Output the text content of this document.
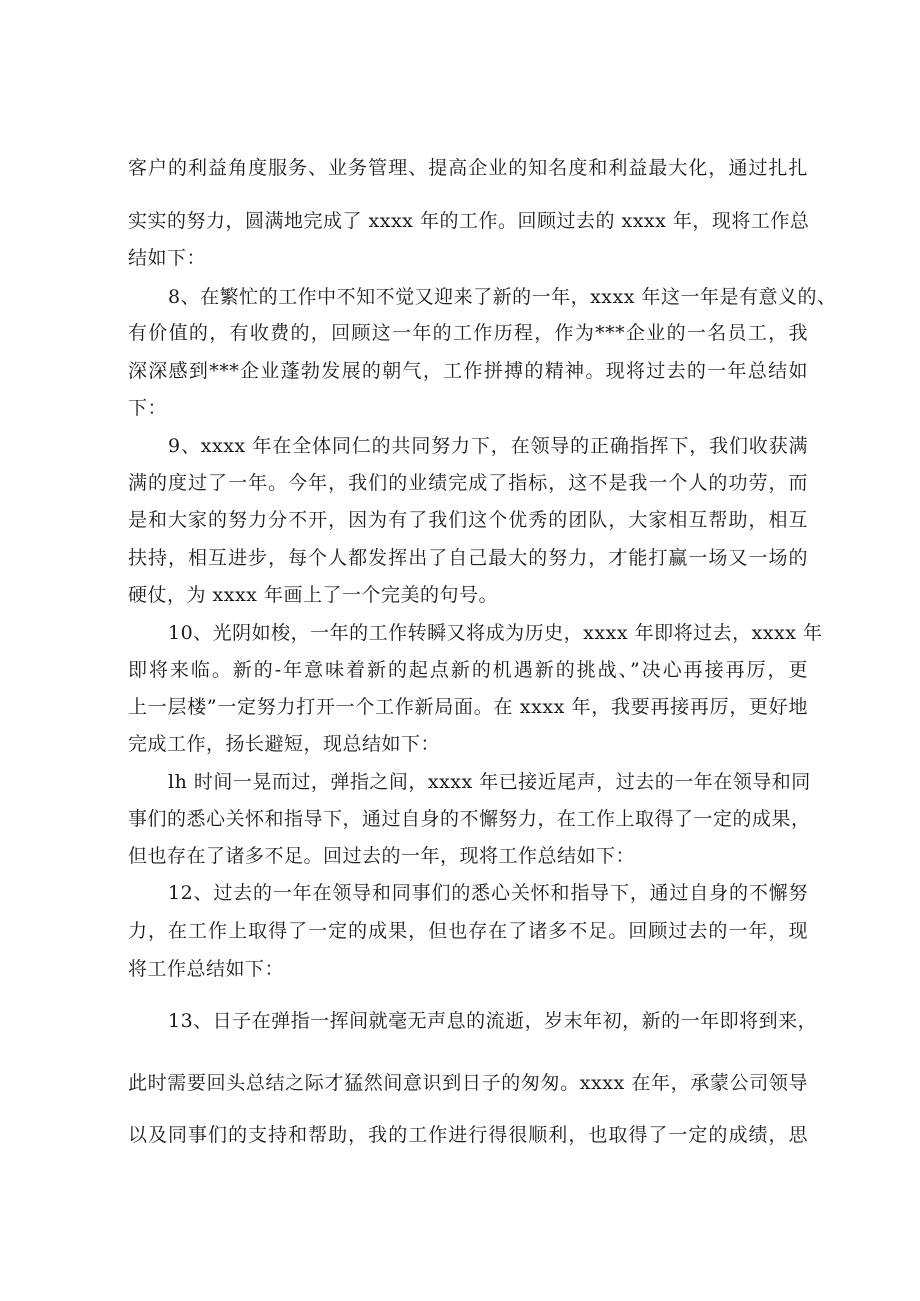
客户的利益角度服务、业务管理、提高企业的知名度和利益最大化，通过扎扎
实实的努力，圆满地完成了 xxxx 年的工作。回顾过去的 xxxx 年，现将工作总
结如下：
8、在繁忙的工作中不知不觉又迎来了新的一年，xxxx 年这一年是有意义的、
有价值的，有收费的，回顾这一年的工作历程，作为***企业的一名员工，我
深深感到***企业蓬勃发展的朝气，工作拼搏的精神。现将过去的一年总结如
下：
9、xxxx 年在全体同仁的共同努力下，在领导的正确指挥下，我们收获满
满的度过了一年。今年，我们的业绩完成了指标，这不是我一个人的功劳，而
是和大家的努力分不开，因为有了我们这个优秀的团队，大家相互帮助，相互
扶持，相互进步，每个人都发挥出了自己最大的努力，才能打赢一场又一场的
硬仗，为 xxxx 年画上了一个完美的句号。
10、光阴如梭，一年的工作转瞬又将成为历史，xxxx 年即将过去，xxxx 年
即将来临。新的-年意味着新的起点新的机遇新的挑战、”决心再接再厉，更
上一层楼”一定努力打开一个工作新局面。在 xxxx 年，我要再接再厉，更好地
完成工作，扬长避短，现总结如下：
lh 时间一晃而过，弹指之间，xxxx 年已接近尾声，过去的一年在领导和同
事们的悉心关怀和指导下，通过自身的不懈努力，在工作上取得了一定的成果，
但也存在了诸多不足。回过去的一年，现将工作总结如下：
12、过去的一年在领导和同事们的悉心关怀和指导下，通过自身的不懈努
力，在工作上取得了一定的成果，但也存在了诸多不足。回顾过去的一年，现
将工作总结如下：
13、日子在弹指一挥间就毫无声息的流逝，岁末年初，新的一年即将到来，
此时需要回头总结之际才猛然间意识到日子的匆匆。xxxx 在年，承蒙公司领导
以及同事们的支持和帮助，我的工作进行得很顺利，也取得了一定的成绩，思
